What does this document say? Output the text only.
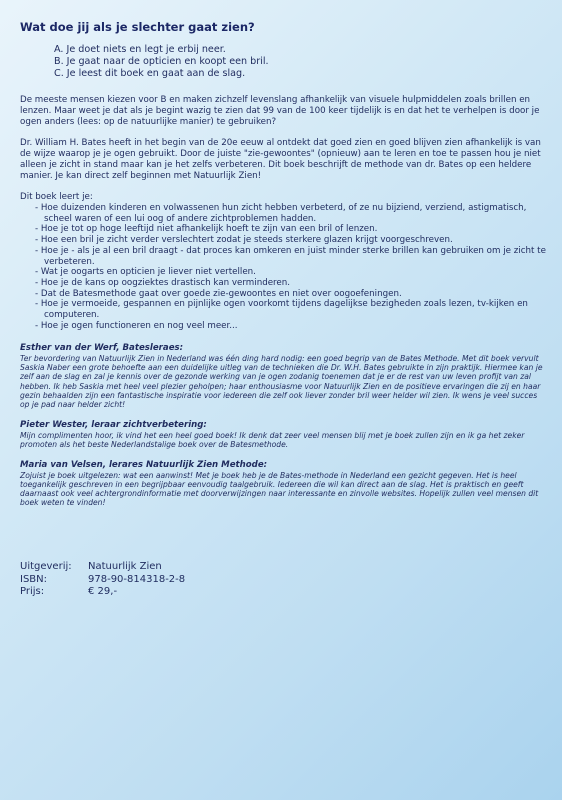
Wat doe jij als je slechter gaat zien?
A. Je doet niets en legt je erbij neer.
B. Je gaat naar de opticien en koopt een bril.
C. Je leest dit boek en gaat aan de slag.

De meeste mensen kiezen voor B en maken zichzelf levenslang afhankelijk van visuele hulpmiddelen zoals brillen en lenzen. Maar weet je dat als je begint wazig te zien dat 99 van de 100 keer tijdelijk is en dat het te verhelpen is door je ogen anders (lees: op de natuurlijke manier) te gebruiken?

Dr. William H. Bates heeft in het begin van de 20e eeuw al ontdekt dat goed zien en goed blijven zien afhankelijk is van de wijze waarop je je ogen gebruikt. Door de juiste "zie-gewoontes" (opnieuw) aan te leren en toe te passen hou je niet alleen je zicht in stand maar kan je het zelfs verbeteren. Dit boek beschrijft de methode van dr. Bates op een heldere manier. Je kan direct zelf beginnen met Natuurlijk Zien!

Dit boek leert je:
- Hoe duizenden kinderen en volwassenen hun zicht hebben verbeterd, of ze nu bijziend, verziend, astigmatisch, scheel waren of een lui oog of andere zichtproblemen hadden.
- Hoe je tot op hoge leeftijd niet afhankelijk hoeft te zijn van een bril of lenzen.
- Hoe een bril je zicht verder verslechtert zodat je steeds sterkere glazen krijgt voorgeschreven.
- Hoe je - als je al een bril draagt - dat proces kan omkeren en juist minder sterke brillen kan gebruiken om je zicht te verbeteren.
- Wat je oogarts en opticien je liever niet vertellen.
- Hoe je de kans op oogziektes drastisch kan verminderen.
- Dat de Batesmethode gaat over goede zie-gewoontes en niet over oogoefeningen.
- Hoe je vermoeide, gespannen en pijnlijke ogen voorkomt tijdens dagelijkse bezigheden zoals lezen, tv-kijken en computeren.
- Hoe je ogen functioneren en nog veel meer...
Esther van der Werf, Batesleraes:

Ter bevordering van Natuurlijk Zien in Nederland was één ding hard nodig: een goed begrip van de Bates Methode. Met dit boek vervult Saskia Naber een grote behoefte aan een duidelijke uitleg van de technieken die Dr. W.H. Bates gebruikte in zijn praktijk. Hiermee kan je zelf aan de slag en zal je kennis over de gezonde werking van je ogen zodanig toenemen dat je er de rest van uw leven profijt van zal hebben. Ik heb Saskia met heel veel plezier geholpen; haar enthousiasme voor Natuurlijk Zien en de positieve ervaringen die zij en haar gezin behaalden zijn een fantastische inspiratie voor iedereen die zelf ook liever zonder bril weer helder wil zien. Ik wens je veel succes op je pad naar helder zicht!

Pieter Wester, leraar zichtverbetering:

Mijn complimenten hoor, ik vind het een heel goed boek! Ik denk dat zeer veel mensen blij met je boek zullen zijn en ik ga het zeker promoten als het beste Nederlandstalige boek over de Batesmethode.

Maria van Velsen, lerares Natuurlijk Zien Methode:

Zojuist je boek uitgelezen: wat een aanwinst! Met je boek heb je de Bates-methode in Nederland een gezicht gegeven. Het is heel toegankelijk geschreven in een begrijpbaar eenvoudig taalgebruik. Iedereen die wil kan direct aan de slag. Het is praktisch en geeft daarnaast ook veel achtergrondinformatie met doorverwijzingen naar interessante en zinvolle websites. Hopelijk zullen veel mensen dit boek weten te vinden!

Uitgeverij:	Natuurlijk Zien
ISBN:	978-90-814318-2-8
Prijs:	€ 29,-
